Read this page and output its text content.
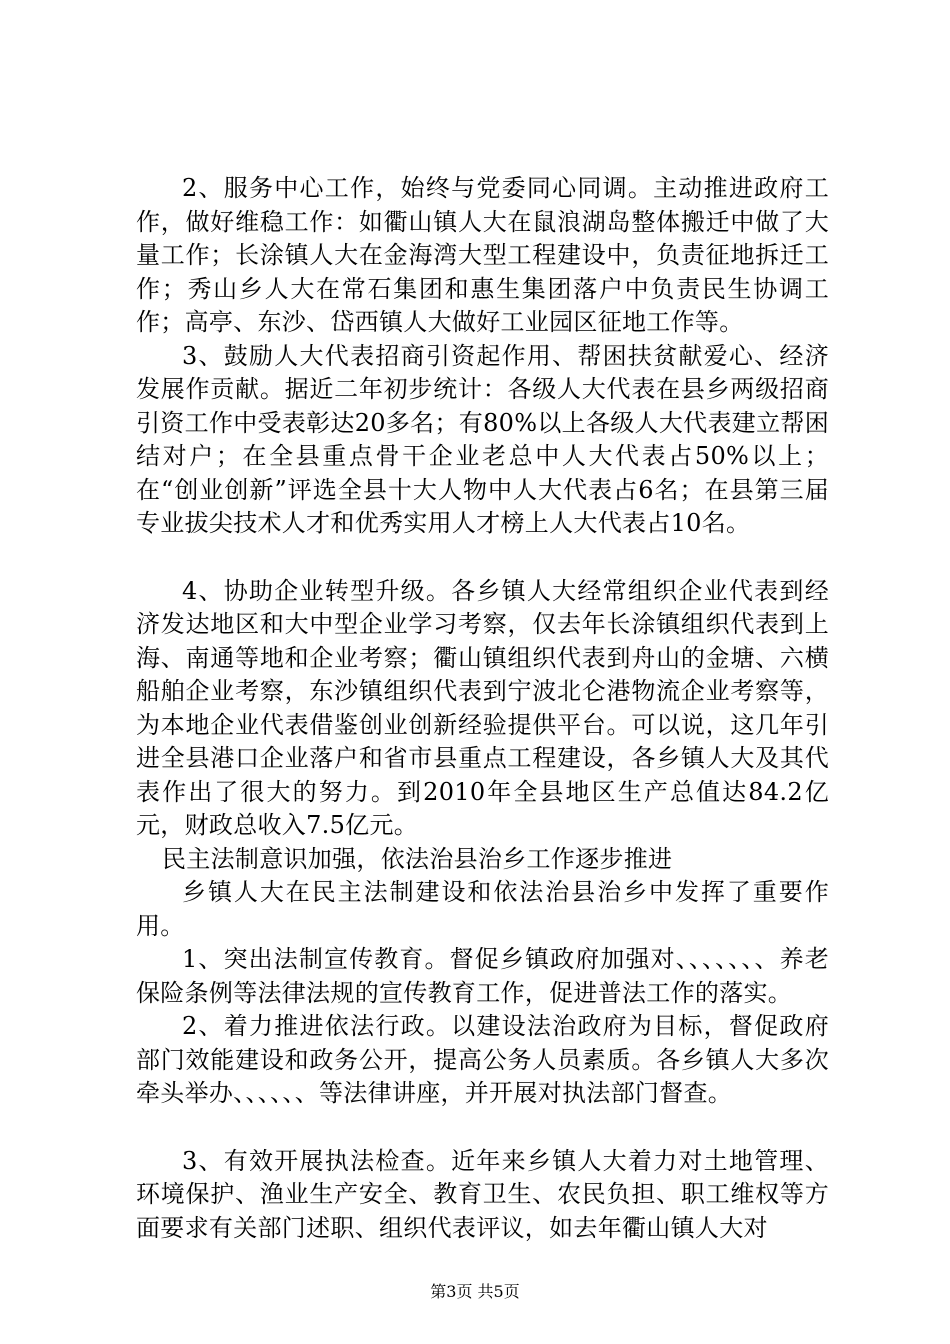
2、服务中心工作，始终与党委同心同调。主动推进政府工作，做好维稳工作：如衢山镇人大在鼠浪湖岛整体搬迁中做了大量工作；长涂镇人大在金海湾大型工程建设中，负责征地拆迁工作；秀山乡人大在常石集团和惠生集团落户中负责民生协调工作；高亭、东沙、岱西镇人大做好工业园区征地工作等。

3、鼓励人大代表招商引资起作用、帮困扶贫献爱心、经济发展作贡献。据近二年初步统计：各级人大代表在县乡两级招商引资工作中受表彰达20多名；有80%以上各级人大代表建立帮困结对户；在全县重点骨干企业老总中人大代表占50%以上；在“创业创新”评选全县十大人物中人大代表占6名；在县第三届专业拔尖技术人才和优秀实用人才榜上人大代表占10名。

4、协助企业转型升级。各乡镇人大经常组织企业代表到经济发达地区和大中型企业学习考察，仅去年长涂镇组织代表到上海、南通等地和企业考察；衢山镇组织代表到舟山的金塘、六横船舶企业考察，东沙镇组织代表到宁波北仑港物流企业考察等，为本地企业代表借鉴创业创新经验提供平台。可以说，这几年引进全县港口企业落户和省市县重点工程建设，各乡镇人大及其代表作出了很大的努力。到2010年全县地区生产总值达84.2亿元，财政总收入7.5亿元。

民主法制意识加强，依法治县治乡工作逐步推进

乡镇人大在民主法制建设和依法治县治乡中发挥了重要作用。

1、突出法制宣传教育。督促乡镇政府加强对、、、、、、、养老保险条例等法律法规的宣传教育工作，促进普法工作的落实。

2、着力推进依法行政。以建设法治政府为目标，督促政府部门效能建设和政务公开，提高公务人员素质。各乡镇人大多次牵头举办、、、、、、等法律讲座，并开展对执法部门督查。

3、有效开展执法检查。近年来乡镇人大着力对土地管理、环境保护、渔业生产安全、教育卫生、农民负担、职工维权等方面要求有关部门述职、组织代表评议，如去年衢山镇人大对

第3页 共5页
